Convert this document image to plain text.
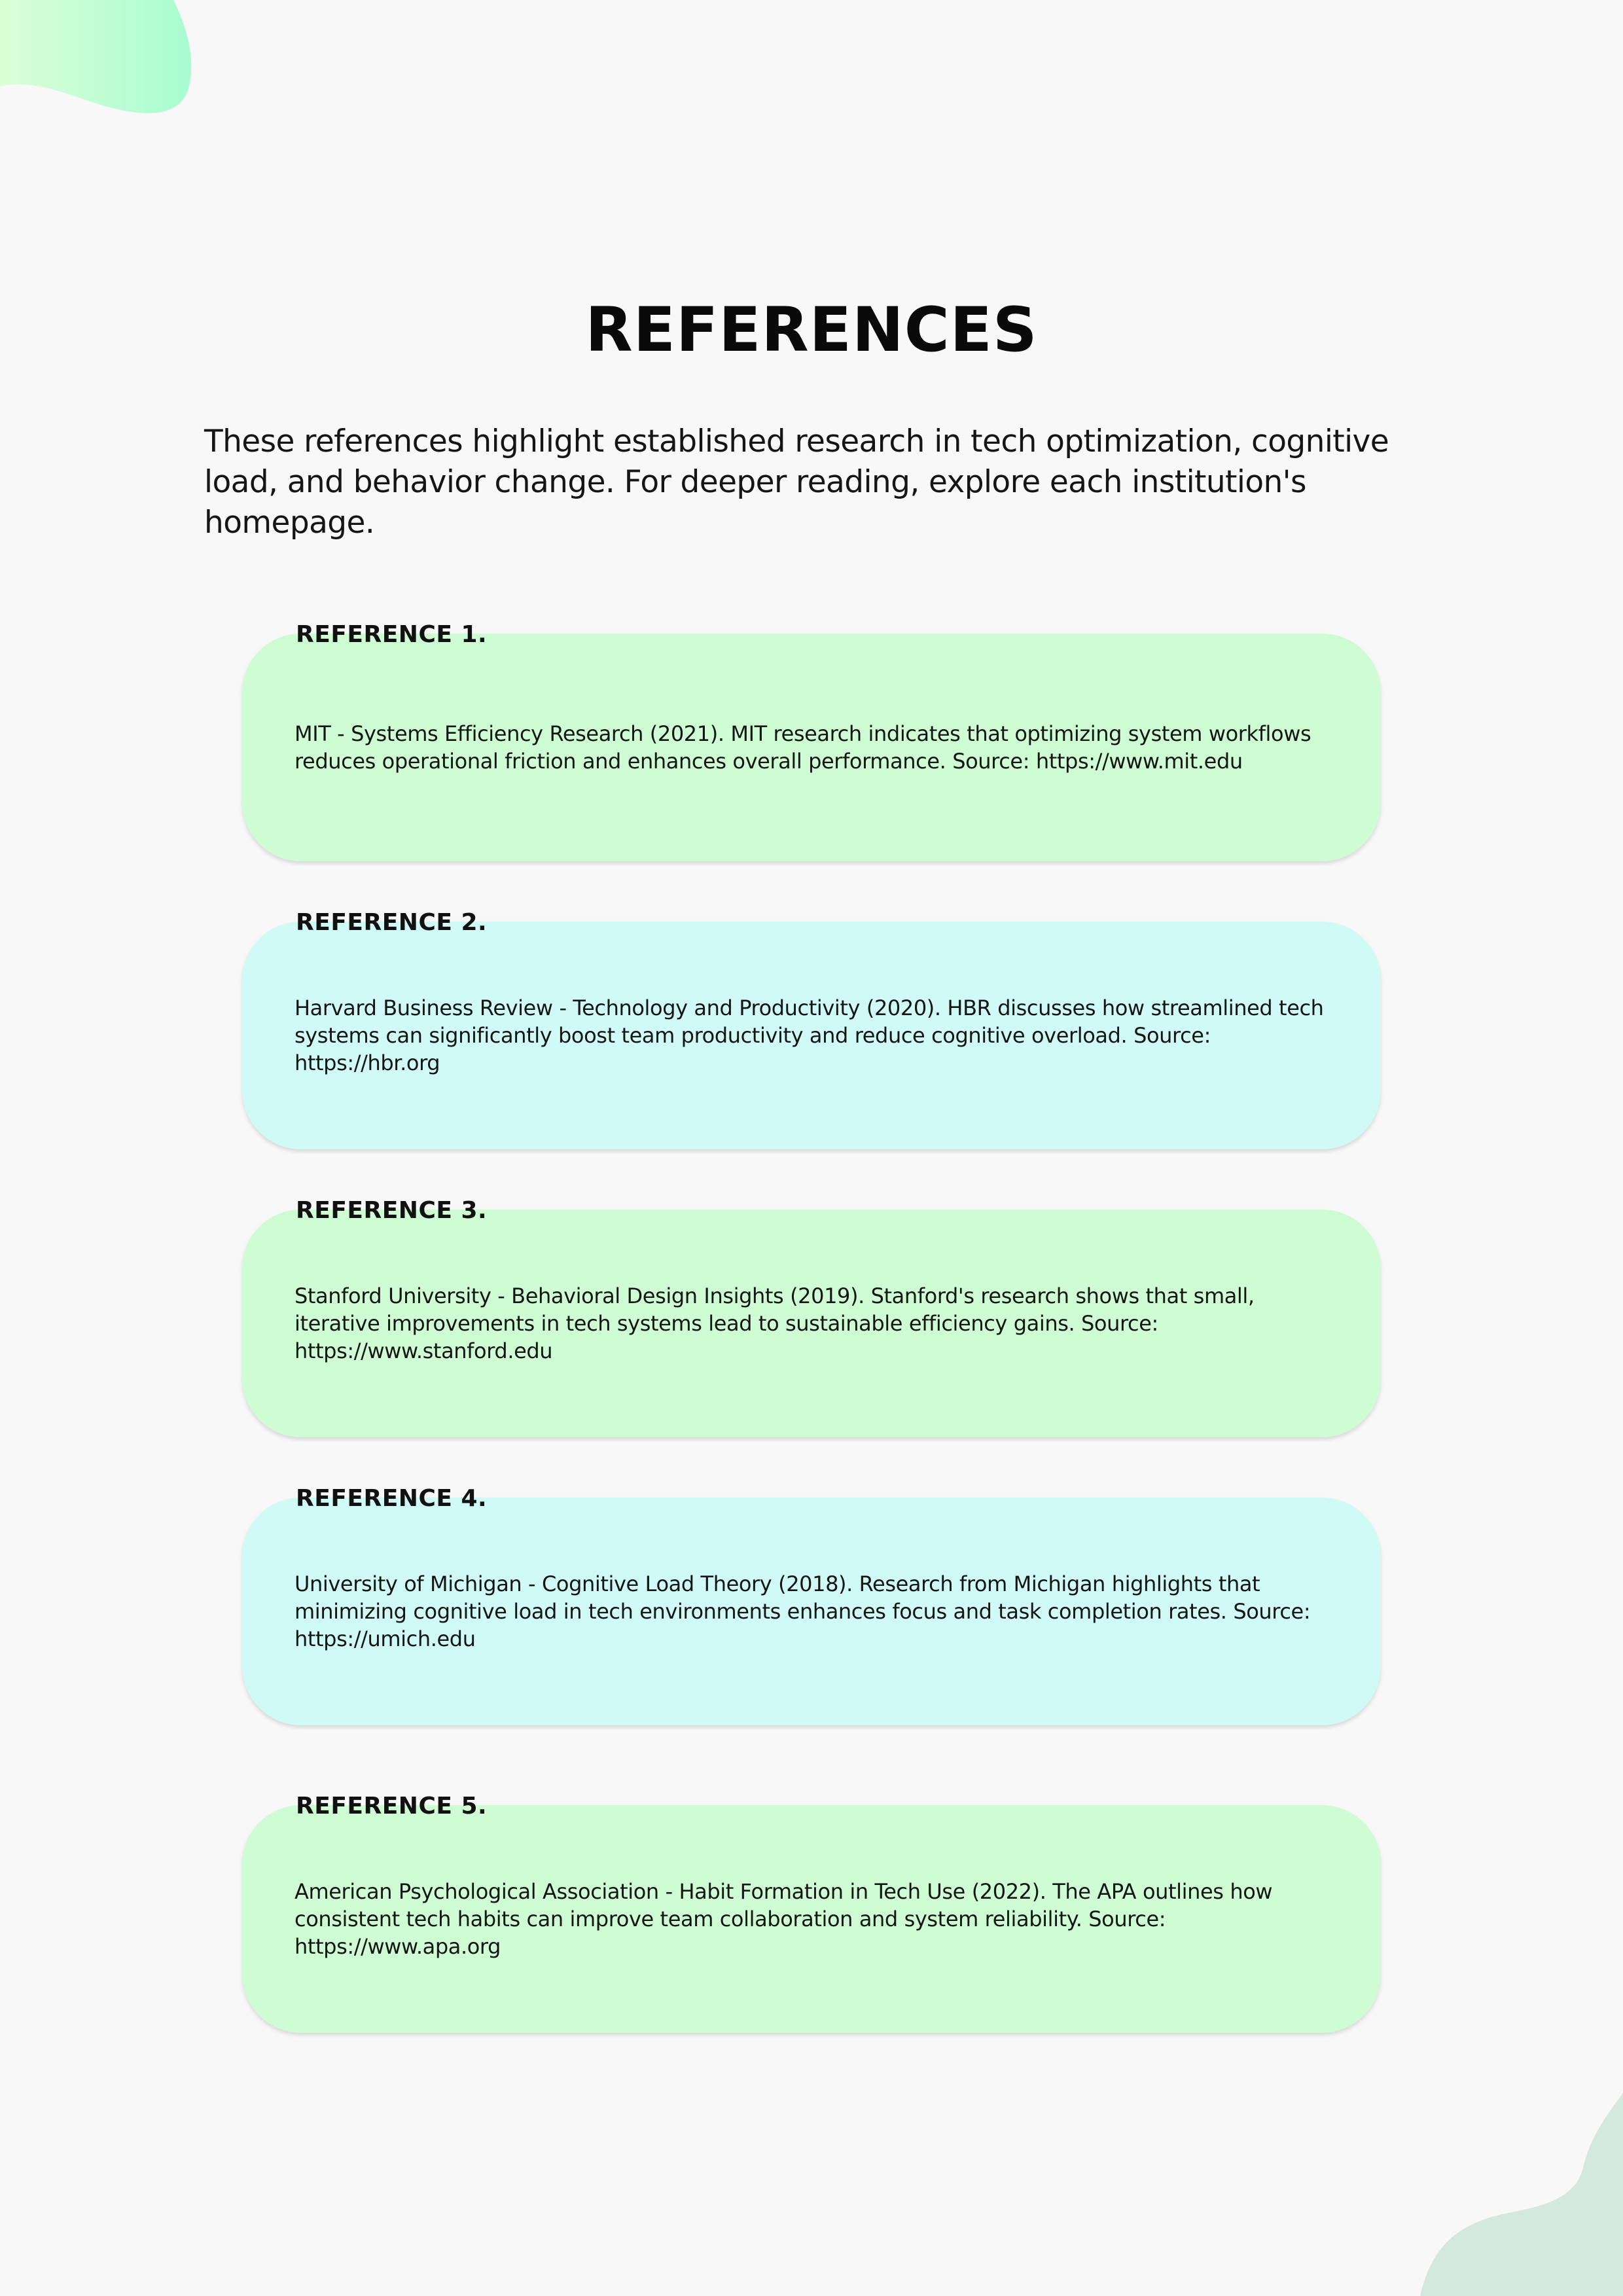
REFERENCES

These references highlight established research in tech optimization, cognitive load, and behavior change. For deeper reading, explore each institution's homepage.

REFERENCE 1.

MIT - Systems Efficiency Research (2021). MIT research indicates that optimizing system workflows reduces operational friction and enhances overall performance. Source: https://www.mit.edu

REFERENCE 2.

Harvard Business Review - Technology and Productivity (2020). HBR discusses how streamlined tech systems can significantly boost team productivity and reduce cognitive overload. Source: https://hbr.org

REFERENCE 3.

Stanford University - Behavioral Design Insights (2019). Stanford's research shows that small, iterative improvements in tech systems lead to sustainable efficiency gains. Source: https://www.stanford.edu

REFERENCE 4.

University of Michigan - Cognitive Load Theory (2018). Research from Michigan highlights that minimizing cognitive load in tech environments enhances focus and task completion rates. Source: https://umich.edu

REFERENCE 5.

American Psychological Association - Habit Formation in Tech Use (2022). The APA outlines how consistent tech habits can improve team collaboration and system reliability. Source: https://www.apa.org
